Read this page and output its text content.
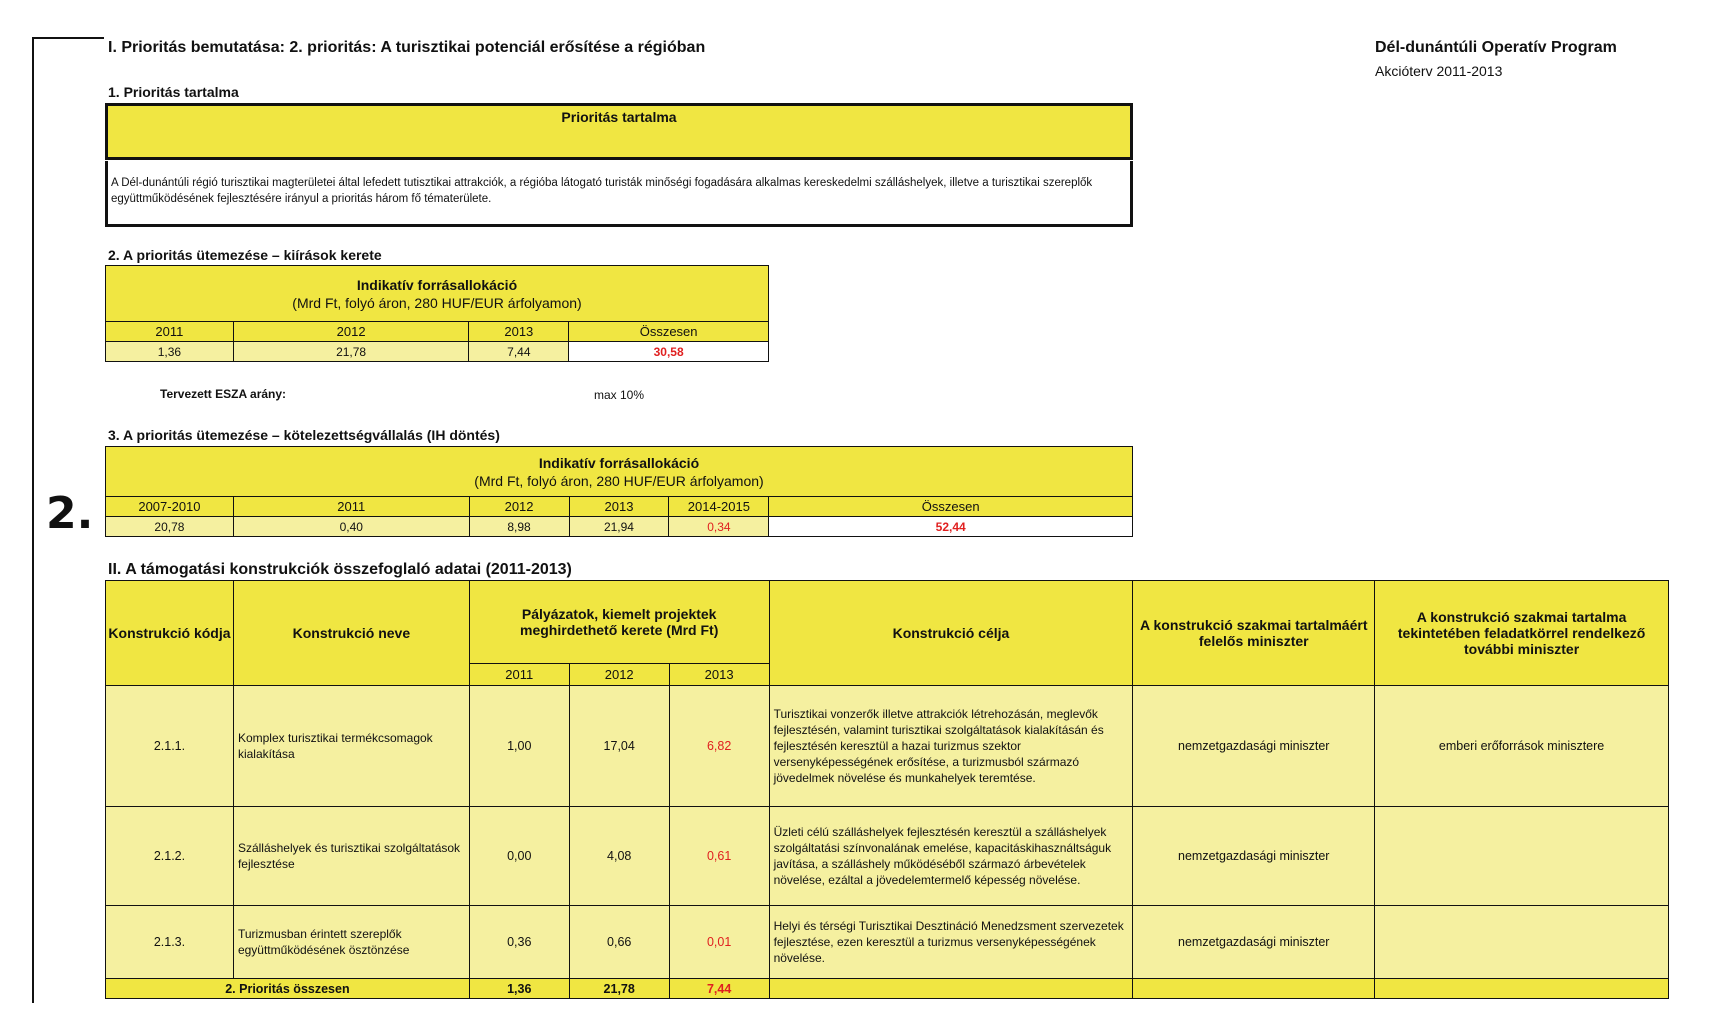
2.
I. Prioritás bemutatása: 2. prioritás: A turisztikai potenciál erősítése a régióban	Dél-dunántúli Operatív Program
Akcióterv 2011-2013
1. Prioritás tartalma
Prioritás tartalma
A Dél-dunántúli régió turisztikai magterületei által lefedett tutisztikai attrakciók, a régióba látogató turisták minőségi fogadására alkalmas kereskedelmi szálláshelyek, illetve a turisztikai szereplők együttműködésének fejlesztésére irányul a prioritás három fő tématerülete.
2. A prioritás ütemezése – kiírások kerete
Indikatív forrásallokáció
(Mrd Ft, folyó áron, 280 HUF/EUR árfolyamon)			
2011	2012	2013	Összesen
1,36	21,78	7,44	30,58
Tervezett ESZA arány:	max 10%
3. A prioritás ütemezése – kötelezettségvállalás (IH döntés)
Indikatív forrásallokáció
(Mrd Ft, folyó áron, 280 HUF/EUR árfolyamon)					
2007-2010	2011	2012	2013	2014-2015	Összesen
20,78	0,40	8,98	21,94	0,34	52,44
II. A támogatási konstrukciók összefoglaló adatai (2011-2013)
Konstrukció kódja	Konstrukció neve	Pályázatok, kiemelt projektek meghirdethető kerete (Mrd Ft)			Konstrukció célja	A konstrukció szakmai tartalmáért felelős miniszter	A konstrukció szakmai tartalma tekintetében feladatkörrel rendelkező további miniszter
		2011	2012	2013			
2.1.1.	Komplex turisztikai termékcsomagok kialakítása	1,00	17,04	6,82	Turisztikai vonzerők illetve attrakciók létrehozásán, meglevők fejlesztésén, valamint turisztikai szolgáltatások kialakításán és fejlesztésén keresztül a hazai turizmus szektor versenyképességének erősítése, a turizmusból származó jövedelmek növelése és munkahelyek teremtése.	nemzetgazdasági miniszter	emberi erőforrások minisztere
2.1.2.	Szálláshelyek és turisztikai szolgáltatások fejlesztése	0,00	4,08	0,61	Üzleti célú szálláshelyek fejlesztésén keresztül a szálláshelyek szolgáltatási színvonalának emelése, kapacitáskihasználtságuk javítása, a szálláshely működéséből származó árbevételek növelése, ezáltal a jövedelemtermelő képesség növelése.	nemzetgazdasági miniszter	
2.1.3.	Turizmusban érintett szereplők együttműködésének ösztönzése	0,36	0,66	0,01	Helyi és térségi Turisztikai Desztináció Menedzsment szervezetek fejlesztése, ezen keresztül a turizmus versenyképességének növelése.	nemzetgazdasági miniszter	
2. Prioritás összesen		1,36	21,78	7,44			
